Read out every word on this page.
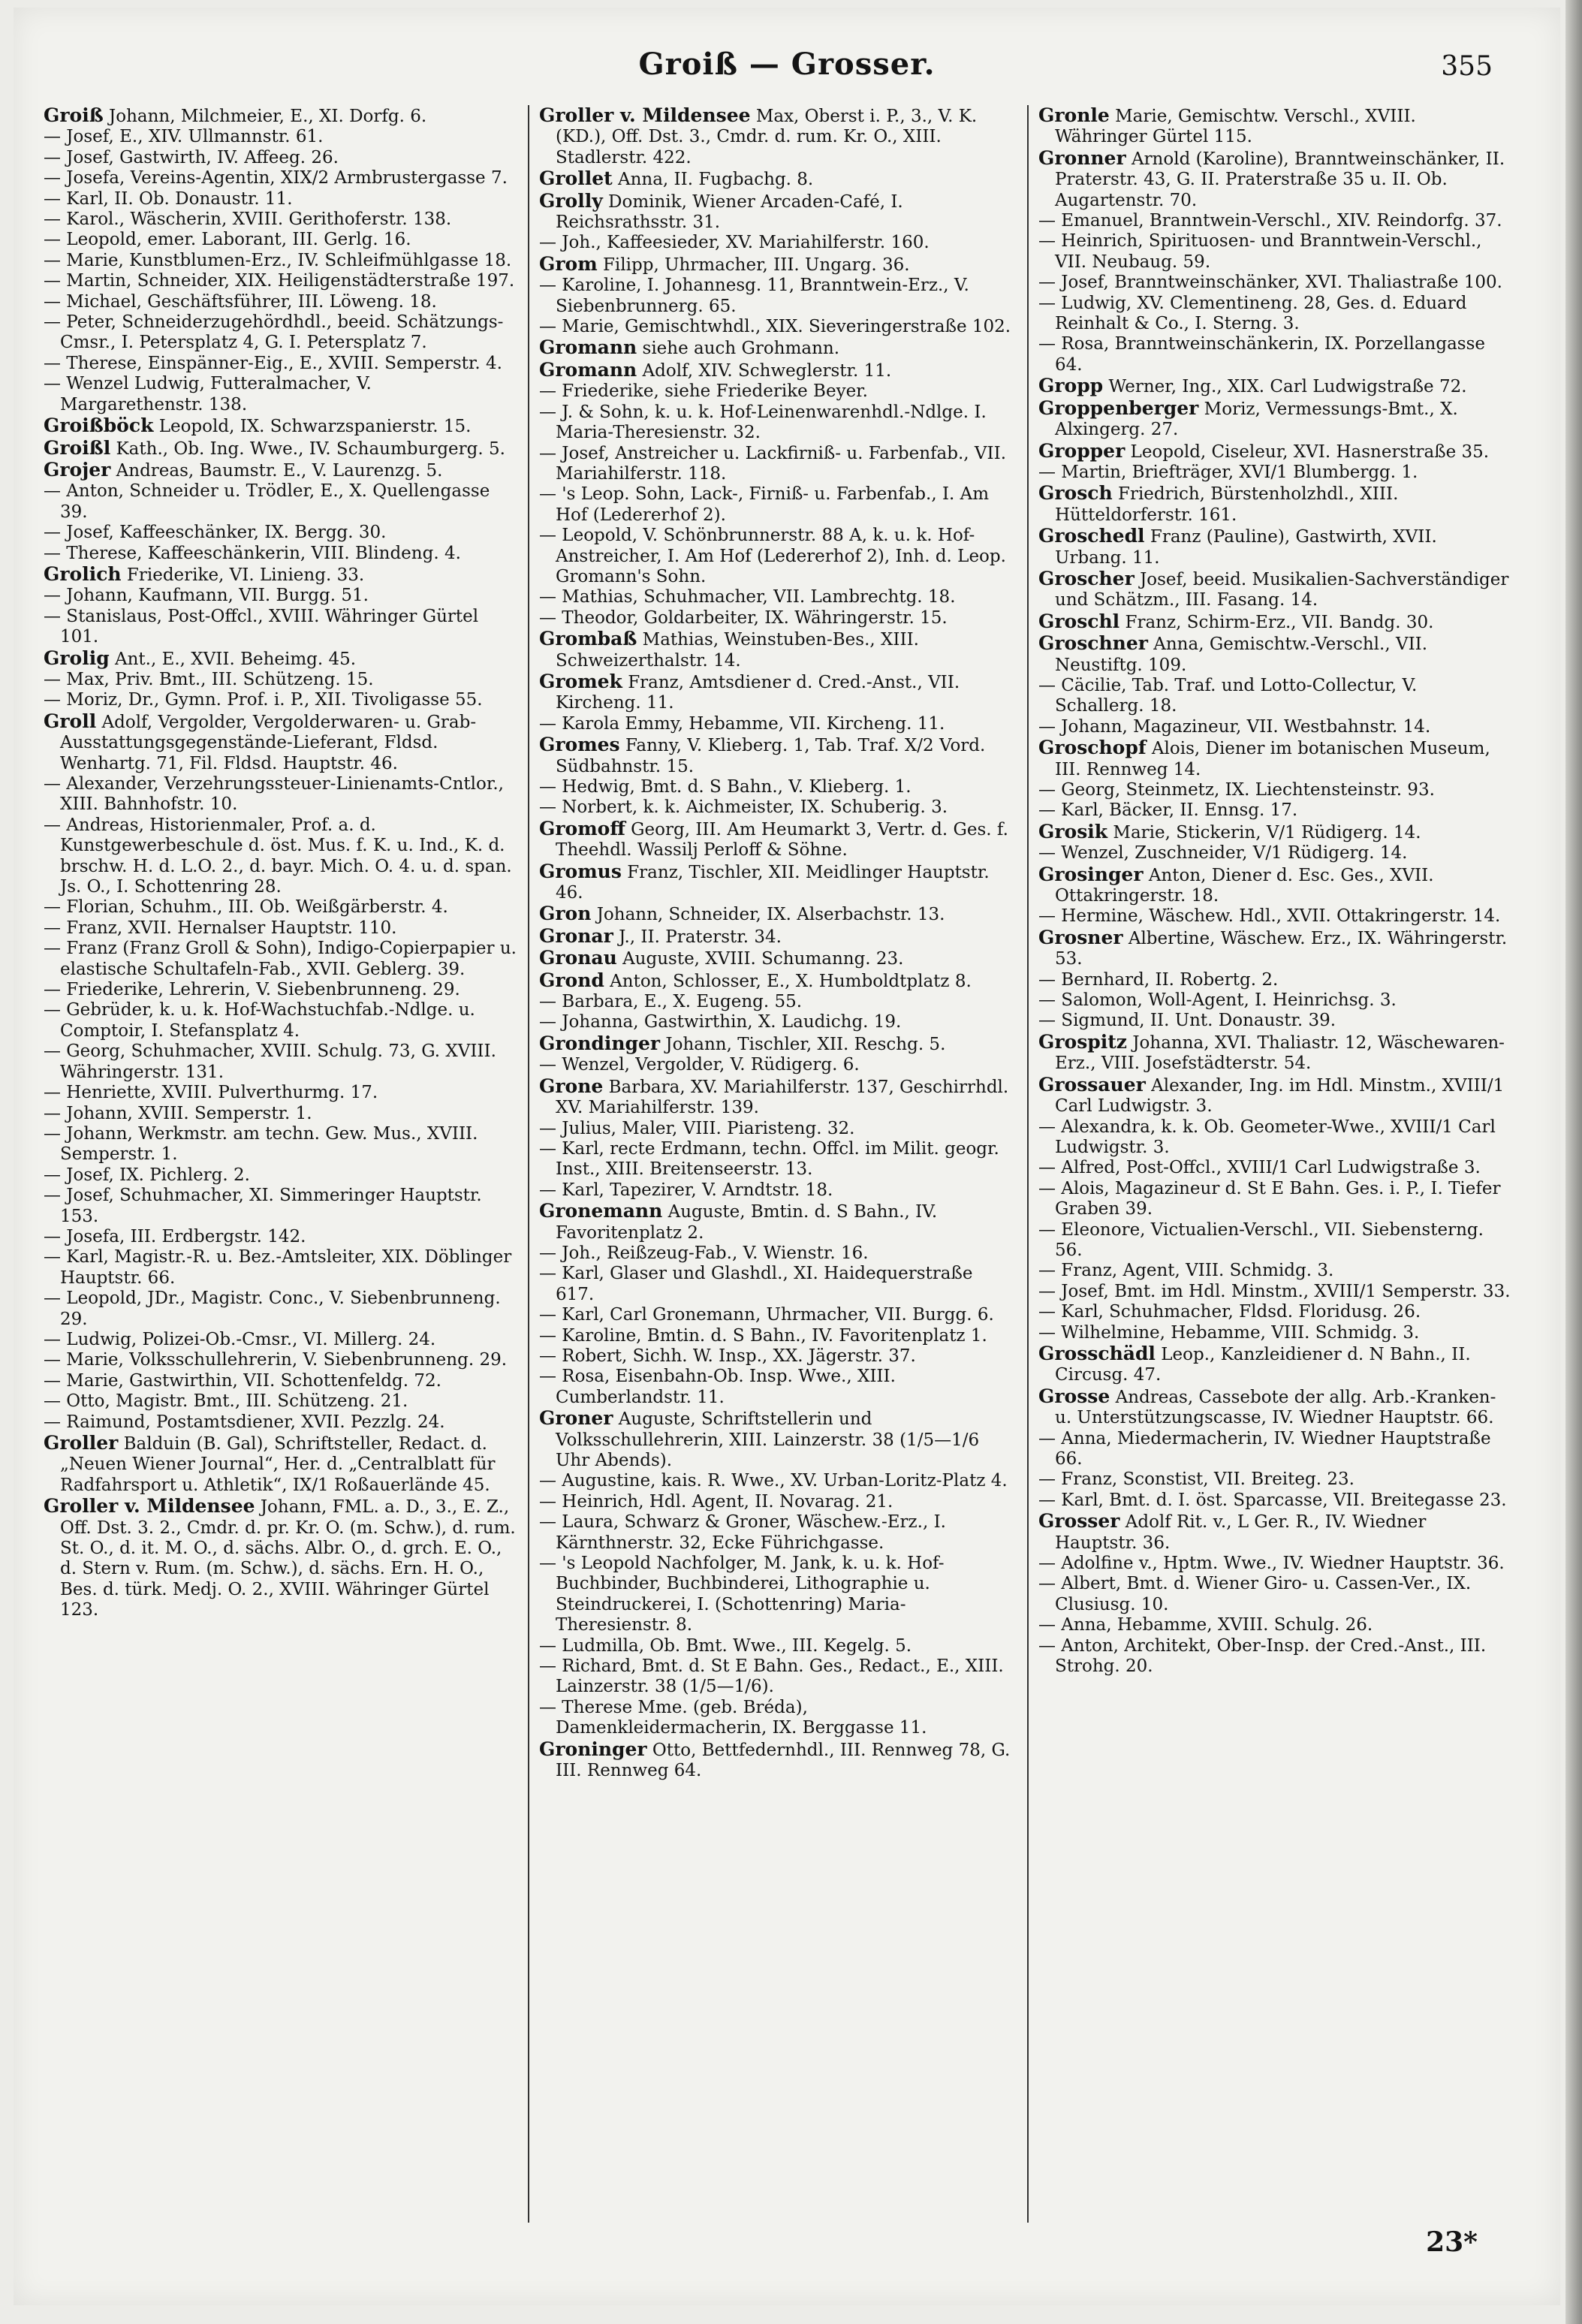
Groiß — Grosser.	355
Groiß Johann, Milchmeier, E., XI. Dorfg. 6.
— Josef, E., XIV. Ullmannstr. 61.
— Josef, Gastwirth, IV. Affeeg. 26.
— Josefa, Vereins-Agentin, XIX/2 Armbrustergasse 7.
— Karl, II. Ob. Donaustr. 11.
— Karol., Wäscherin, XVIII. Gerithoferstr. 138.
— Leopold, emer. Laborant, III. Gerlg. 16.
— Marie, Kunstblumen-Erz., IV. Schleifmühlgasse 18.
— Martin, Schneider, XIX. Heiligenstädterstraße 197.
— Michael, Geschäftsführer, III. Löweng. 18.
— Peter, Schneiderzugehördhdl., beeid. Schätzungs-Cmsr., I. Petersplatz 4, G. I. Petersplatz 7.
— Therese, Einspänner-Eig., E., XVIII. Semperstr. 4.
— Wenzel Ludwig, Futteralmacher, V. Margarethenstr. 138.
Groißböck Leopold, IX. Schwarzspanierstr. 15.
Groißl Kath., Ob. Ing. Wwe., IV. Schaumburgerg. 5.
Grojer Andreas, Baumstr. E., V. Laurenzg. 5.
— Anton, Schneider u. Trödler, E., X. Quellengasse 39.
— Josef, Kaffeeschänker, IX. Bergg. 30.
— Therese, Kaffeeschänkerin, VIII. Blindeng. 4.
Grolich Friederike, VI. Linieng. 33.
— Johann, Kaufmann, VII. Burgg. 51.
— Stanislaus, Post-Offcl., XVIII. Währinger Gürtel 101.
Grolig Ant., E., XVII. Beheimg. 45.
— Max, Priv. Bmt., III. Schützeng. 15.
— Moriz, Dr., Gymn. Prof. i. P., XII. Tivoligasse 55.
Groll Adolf, Vergolder, Vergolderwaren- u. Grab-Ausstattungsgegenstände-Lieferant, Fldsd. Wenhartg. 71, Fil. Fldsd. Hauptstr. 46.
— Alexander, Verzehrungssteuer-Linienamts-Cntlor., XIII. Bahnhofstr. 10.
— Andreas, Historienmaler, Prof. a. d. Kunstgewerbeschule d. öst. Mus. f. K. u. Ind., K. d. brschw. H. d. L.O. 2., d. bayr. Mich. O. 4. u. d. span. Js. O., I. Schottenring 28.
— Florian, Schuhm., III. Ob. Weißgärberstr. 4.
— Franz, XVII. Hernalser Hauptstr. 110.
— Franz (Franz Groll & Sohn), Indigo-Copierpapier u. elastische Schultafeln-Fab., XVII. Geblerg. 39.
— Friederike, Lehrerin, V. Siebenbrunneng. 29.
— Gebrüder, k. u. k. Hof-Wachstuchfab.-Ndlge. u. Comptoir, I. Stefansplatz 4.
— Georg, Schuhmacher, XVIII. Schulg. 73, G. XVIII. Währingerstr. 131.
— Henriette, XVIII. Pulverthurmg. 17.
— Johann, XVIII. Semperstr. 1.
— Johann, Werkmstr. am techn. Gew. Mus., XVIII. Semperstr. 1.
— Josef, IX. Pichlerg. 2.
— Josef, Schuhmacher, XI. Simmeringer Hauptstr. 153.
— Josefa, III. Erdbergstr. 142.
— Karl, Magistr.-R. u. Bez.-Amtsleiter, XIX. Döblinger Hauptstr. 66.
— Leopold, JDr., Magistr. Conc., V. Siebenbrunneng. 29.
— Ludwig, Polizei-Ob.-Cmsr., VI. Millerg. 24.
— Marie, Volksschullehrerin, V. Siebenbrunneng. 29.
— Marie, Gastwirthin, VII. Schottenfeldg. 72.
— Otto, Magistr. Bmt., III. Schützeng. 21.
— Raimund, Postamtsdiener, XVII. Pezzlg. 24.
Groller Balduin (B. Gal), Schriftsteller, Redact. d. „Neuen Wiener Journal“, Her. d. „Centralblatt für Radfahrsport u. Athletik“, IX/1 Roßauerlände 45.
Groller v. Mildensee Johann, FML. a. D., 3., E. Z., Off. Dst. 3. 2., Cmdr. d. pr. Kr. O. (m. Schw.), d. rum. St. O., d. it. M. O., d. sächs. Albr. O., d. grch. E. O., d. Stern v. Rum. (m. Schw.), d. sächs. Ern. H. O., Bes. d. türk. Medj. O. 2., XVIII. Währinger Gürtel 123.
Groller v. Mildensee Max, Oberst i. P., 3., V. K. (KD.), Off. Dst. 3., Cmdr. d. rum. Kr. O., XIII. Stadlerstr. 422.
Grollet Anna, II. Fugbachg. 8.
Grolly Dominik, Wiener Arcaden-Café, I. Reichsrathsstr. 31.
— Joh., Kaffeesieder, XV. Mariahilferstr. 160.
Grom Filipp, Uhrmacher, III. Ungarg. 36.
— Karoline, I. Johannesg. 11, Branntwein-Erz., V. Siebenbrunnerg. 65.
— Marie, Gemischtwhdl., XIX. Sieveringerstraße 102.
Gromann siehe auch Grohmann.
Gromann Adolf, XIV. Schweglerstr. 11.
— Friederike, siehe Friederike Beyer.
— J. & Sohn, k. u. k. Hof-Leinenwarenhdl.-Ndlge. I. Maria-Theresienstr. 32.
— Josef, Anstreicher u. Lackfirniß- u. Farbenfab., VII. Mariahilferstr. 118.
— 's Leop. Sohn, Lack-, Firniß- u. Farbenfab., I. Am Hof (Ledererhof 2).
— Leopold, V. Schönbrunnerstr. 88 A, k. u. k. Hof-Anstreicher, I. Am Hof (Ledererhof 2), Inh. d. Leop. Gromann's Sohn.
— Mathias, Schuhmacher, VII. Lambrechtg. 18.
— Theodor, Goldarbeiter, IX. Währingerstr. 15.
Grombaß Mathias, Weinstuben-Bes., XIII. Schweizerthalstr. 14.
Gromek Franz, Amtsdiener d. Cred.-Anst., VII. Kircheng. 11.
— Karola Emmy, Hebamme, VII. Kircheng. 11.
Gromes Fanny, V. Klieberg. 1, Tab. Traf. X/2 Vord. Südbahnstr. 15.
— Hedwig, Bmt. d. S Bahn., V. Klieberg. 1.
— Norbert, k. k. Aichmeister, IX. Schuberig. 3.
Gromoff Georg, III. Am Heumarkt 3, Vertr. d. Ges. f. Theehdl. Wassilj Perloff & Söhne.
Gromus Franz, Tischler, XII. Meidlinger Hauptstr. 46.
Gron Johann, Schneider, IX. Alserbachstr. 13.
Gronar J., II. Praterstr. 34.
Gronau Auguste, XVIII. Schumanng. 23.
Grond Anton, Schlosser, E., X. Humboldtplatz 8.
— Barbara, E., X. Eugeng. 55.
— Johanna, Gastwirthin, X. Laudichg. 19.
Grondinger Johann, Tischler, XII. Reschg. 5.
— Wenzel, Vergolder, V. Rüdigerg. 6.
Grone Barbara, XV. Mariahilferstr. 137, Geschirrhdl. XV. Mariahilferstr. 139.
— Julius, Maler, VIII. Piaristeng. 32.
— Karl, recte Erdmann, techn. Offcl. im Milit. geogr. Inst., XIII. Breitenseerstr. 13.
— Karl, Tapezirer, V. Arndtstr. 18.
Gronemann Auguste, Bmtin. d. S Bahn., IV. Favoritenplatz 2.
— Joh., Reißzeug-Fab., V. Wienstr. 16.
— Karl, Glaser und Glashdl., XI. Haidequerstraße 617.
— Karl, Carl Gronemann, Uhrmacher, VII. Burgg. 6.
— Karoline, Bmtin. d. S Bahn., IV. Favoritenplatz 1.
— Robert, Sichh. W. Insp., XX. Jägerstr. 37.
— Rosa, Eisenbahn-Ob. Insp. Wwe., XIII. Cumberlandstr. 11.
Groner Auguste, Schriftstellerin und Volksschullehrerin, XIII. Lainzerstr. 38 (1/5—1/6 Uhr Abends).
— Augustine, kais. R. Wwe., XV. Urban-Loritz-Platz 4.
— Heinrich, Hdl. Agent, II. Novarag. 21.
— Laura, Schwarz & Groner, Wäschew.-Erz., I. Kärnthnerstr. 32, Ecke Führichgasse.
— 's Leopold Nachfolger, M. Jank, k. u. k. Hof-Buchbinder, Buchbinderei, Lithographie u. Steindruckerei, I. (Schottenring) Maria-Theresienstr. 8.
— Ludmilla, Ob. Bmt. Wwe., III. Kegelg. 5.
— Richard, Bmt. d. St E Bahn. Ges., Redact., E., XIII. Lainzerstr. 38 (1/5—1/6).
— Therese Mme. (geb. Bréda), Damenkleidermacherin, IX. Berggasse 11.
Groninger Otto, Bettfedernhdl., III. Rennweg 78, G. III. Rennweg 64.
Gronle Marie, Gemischtw. Verschl., XVIII. Währinger Gürtel 115.
Gronner Arnold (Karoline), Branntweinschänker, II. Praterstr. 43, G. II. Praterstraße 35 u. II. Ob. Augartenstr. 70.
— Emanuel, Branntwein-Verschl., XIV. Reindorfg. 37.
— Heinrich, Spirituosen- und Branntwein-Verschl., VII. Neubaug. 59.
— Josef, Branntweinschänker, XVI. Thaliastraße 100.
— Ludwig, XV. Clementineng. 28, Ges. d. Eduard Reinhalt & Co., I. Sterng. 3.
— Rosa, Branntweinschänkerin, IX. Porzellangasse 64.
Gropp Werner, Ing., XIX. Carl Ludwigstraße 72.
Groppenberger Moriz, Vermessungs-Bmt., X. Alxingerg. 27.
Gropper Leopold, Ciseleur, XVI. Hasnerstraße 35.
— Martin, Briefträger, XVI/1 Blumbergg. 1.
Grosch Friedrich, Bürstenholzhdl., XIII. Hütteldorferstr. 161.
Groschedl Franz (Pauline), Gastwirth, XVII. Urbang. 11.
Groscher Josef, beeid. Musikalien-Sachverständiger und Schätzm., III. Fasang. 14.
Groschl Franz, Schirm-Erz., VII. Bandg. 30.
Groschner Anna, Gemischtw.-Verschl., VII. Neustiftg. 109.
— Cäcilie, Tab. Traf. und Lotto-Collectur, V. Schallerg. 18.
— Johann, Magazineur, VII. Westbahnstr. 14.
Groschopf Alois, Diener im botanischen Museum, III. Rennweg 14.
— Georg, Steinmetz, IX. Liechtensteinstr. 93.
— Karl, Bäcker, II. Ennsg. 17.
Grosik Marie, Stickerin, V/1 Rüdigerg. 14.
— Wenzel, Zuschneider, V/1 Rüdigerg. 14.
Grosinger Anton, Diener d. Esc. Ges., XVII. Ottakringerstr. 18.
— Hermine, Wäschew. Hdl., XVII. Ottakringerstr. 14.
Grosner Albertine, Wäschew. Erz., IX. Währingerstr. 53.
— Bernhard, II. Robertg. 2.
— Salomon, Woll-Agent, I. Heinrichsg. 3.
— Sigmund, II. Unt. Donaustr. 39.
Grospitz Johanna, XVI. Thaliastr. 12, Wäschewaren-Erz., VIII. Josefstädterstr. 54.
Grossauer Alexander, Ing. im Hdl. Minstm., XVIII/1 Carl Ludwigstr. 3.
— Alexandra, k. k. Ob. Geometer-Wwe., XVIII/1 Carl Ludwigstr. 3.
— Alfred, Post-Offcl., XVIII/1 Carl Ludwigstraße 3.
— Alois, Magazineur d. St E Bahn. Ges. i. P., I. Tiefer Graben 39.
— Eleonore, Victualien-Verschl., VII. Siebensterng. 56.
— Franz, Agent, VIII. Schmidg. 3.
— Josef, Bmt. im Hdl. Minstm., XVIII/1 Semperstr. 33.
— Karl, Schuhmacher, Fldsd. Floridusg. 26.
— Wilhelmine, Hebamme, VIII. Schmidg. 3.
Grosschädl Leop., Kanzleidiener d. N Bahn., II. Circusg. 47.
Grosse Andreas, Cassebote der allg. Arb.-Kranken- u. Unterstützungscasse, IV. Wiedner Hauptstr. 66.
— Anna, Miedermacherin, IV. Wiedner Hauptstraße 66.
— Franz, Sconstist, VII. Breiteg. 23.
— Karl, Bmt. d. I. öst. Sparcasse, VII. Breitegasse 23.
Grosser Adolf Rit. v., L Ger. R., IV. Wiedner Hauptstr. 36.
— Adolfine v., Hptm. Wwe., IV. Wiedner Hauptstr. 36.
— Albert, Bmt. d. Wiener Giro- u. Cassen-Ver., IX. Clusiusg. 10.
— Anna, Hebamme, XVIII. Schulg. 26.
— Anton, Architekt, Ober-Insp. der Cred.-Anst., III. Strohg. 20.
23*
